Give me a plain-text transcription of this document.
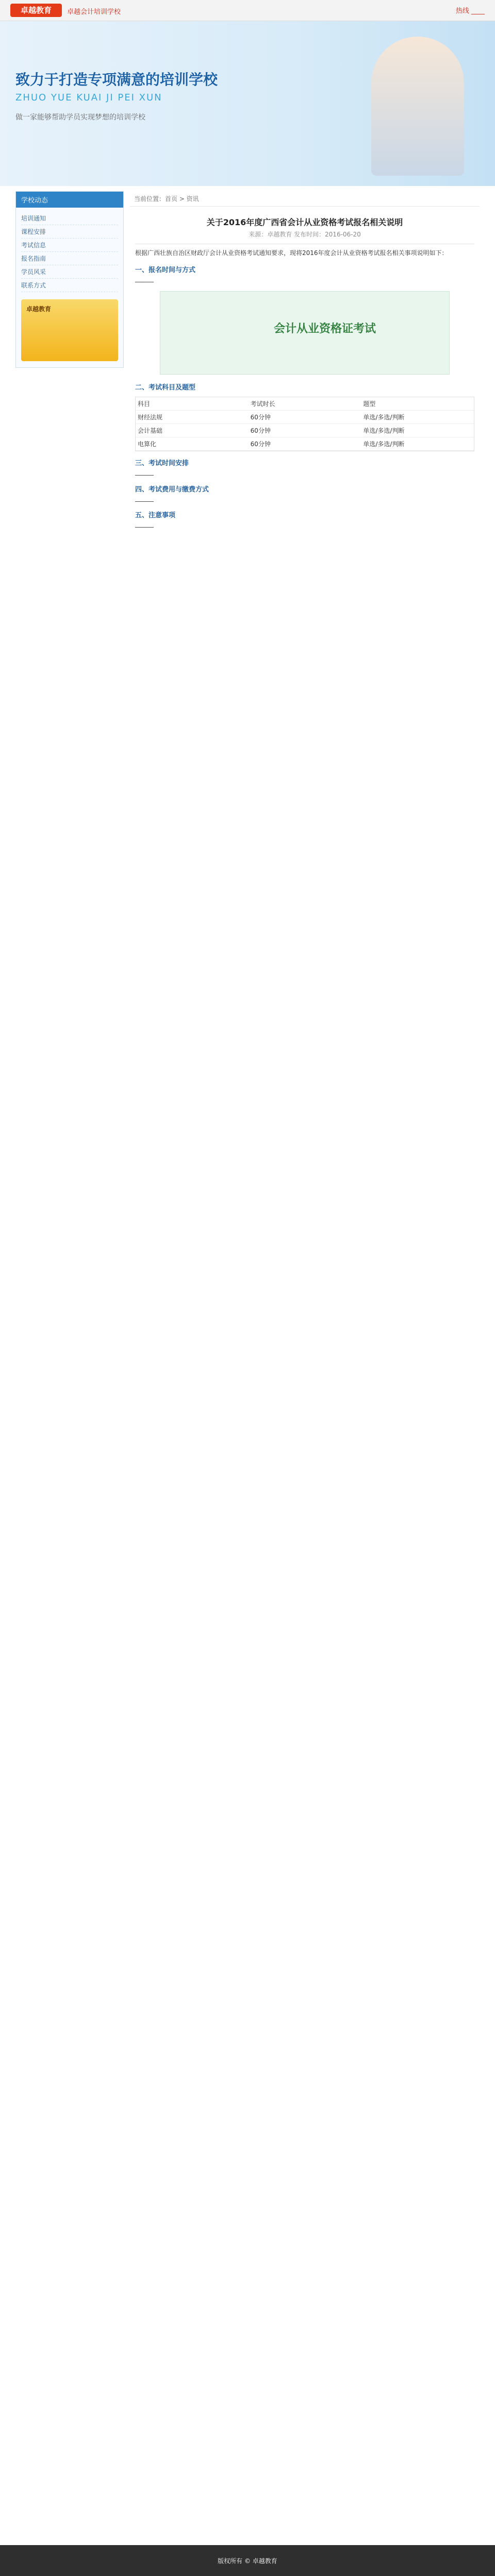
卓越教育	卓越会计培训学校	热线 ____
致力于打造专项满意的培训学校
ZHUO YUE KUAI JI PEI XUN
做一家能够帮助学员实现梦想的培训学校
学校动态
培训通知
课程安排
考试信息
报名指南
学员风采
联系方式
卓越教育
当前位置：首页 > 资讯
关于2016年度广西省会计从业资格考试报名相关说明
来源：卓越教育 发布时间：2016-06-20
根据广西壮族自治区财政厅会计从业资格考试通知要求，现将2016年度会计从业资格考试报名相关事项说明如下：
一、报名时间与方式
______
会计从业资格证考试
二、考试科目及题型
科目	考试时长	题型
财经法规	60分钟	单选/多选/判断
会计基础	60分钟	单选/多选/判断
电算化	60分钟	单选/多选/判断
三、考试时间安排
______
四、考试费用与缴费方式
______
五、注意事项
______
版权所有 © 卓越教育
